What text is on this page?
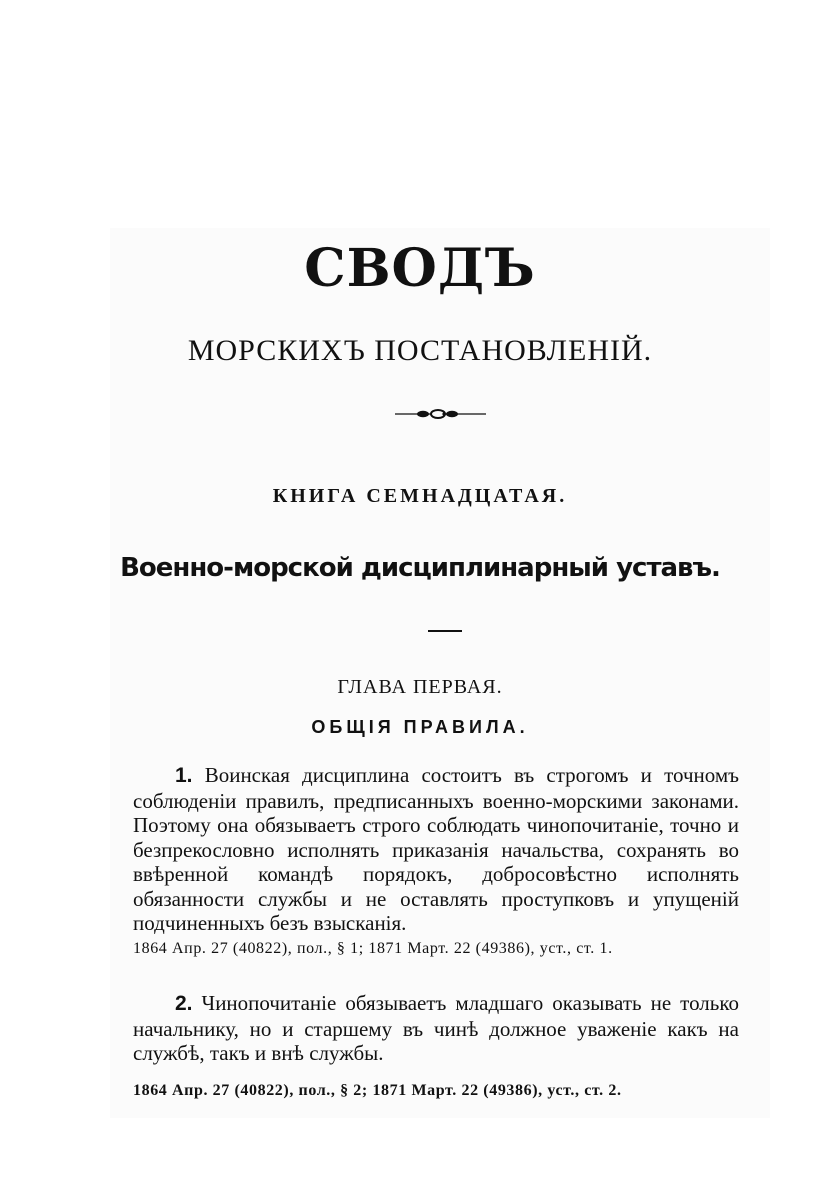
СВОДЪ
МОРСКИХЪ ПОСТАНОВЛЕНІЙ.
КНИГА СЕМНАДЦАТАЯ.
Военно-морской дисциплинарный уставъ.
ГЛАВА ПЕРВАЯ.
ОБЩІЯ ПРАВИЛА.
1. Воинская дисциплина состоитъ въ строгомъ и точномъ соблюденіи правилъ, предписанныхъ военно-морскими законами. Поэтому она обязываетъ строго соблюдать чинопочитаніе, точно и безпрекословно исполнять приказанія начальства, сохранять во ввѣренной командѣ порядокъ, добросовѣстно исполнять обязанности службы и не оставлять проступковъ и упущеній подчиненныхъ безъ взысканія.
1864 Апр. 27 (40822), пол., § 1; 1871 Март. 22 (49386), уст., ст. 1.
2. Чинопочитаніе обязываетъ младшаго оказывать не только начальнику, но и старшему въ чинѣ должное уваженіе какъ на службѣ, такъ и внѣ службы.
1864 Апр. 27 (40822), пол., § 2; 1871 Март. 22 (49386), уст., ст. 2.
